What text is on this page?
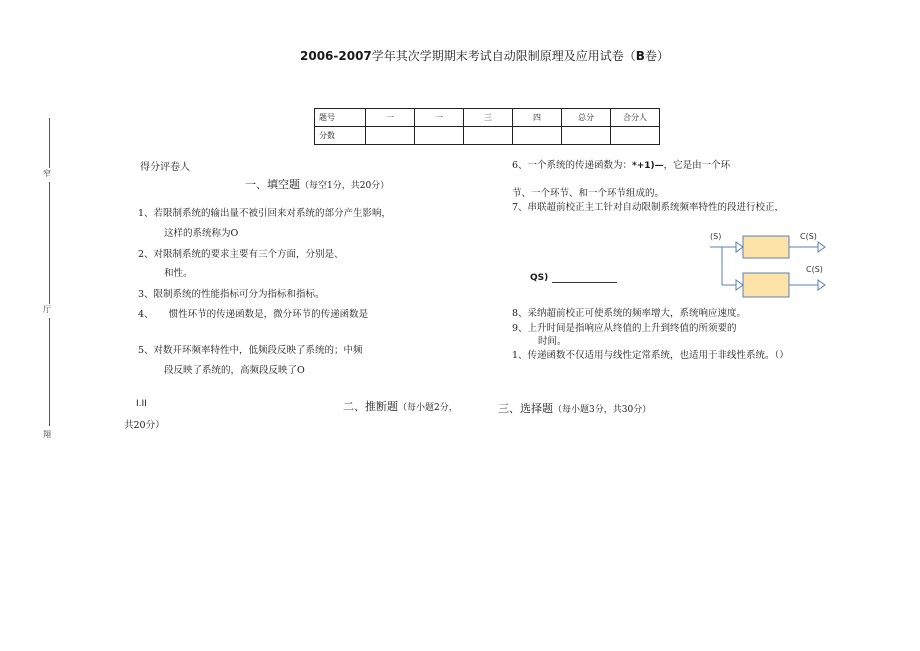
2006-2007学年其次学期期末考试自动限制原理及应用试卷（B卷）
题号	一	一	三	四	总分	合分人
分数						
窄
厅
翔
得分评卷人
一、填空题（每空1分，共20分）
1、若限制系统的输出量不被引回来对系统的部分产生影响，
这样的系统称为O
2、对限制系统的要求主要有三个方面，分别是、
和性。
3、限制系统的性能指标可分为指标和指标。
4、     惯性环节的传递函数是，微分环节的传递函数是
5、对数开环频率特性中，低频段反映了系统的；中频
段反映了系统的，高频段反映了O
I.II	二、推断题（每小题2分，
共20分）
6、一个系统的传递函数为：*+1)—，它是由一个环
节、一个环节、和一个环节组成的。
7、串联超前校正主工针对自动限制系统频率特性的段进行校正，
(S)	C(S)
C(S)
QS)
8、采纳超前校正可使系统的频率增大，系统响应速度。
9、上升时间是指响应从终值的上升到终值的所须要的
时间。
1、传递函数不仅适用与线性定常系统，也适用于非线性系统。（）
三、选择题（每小题3分，共30分）
